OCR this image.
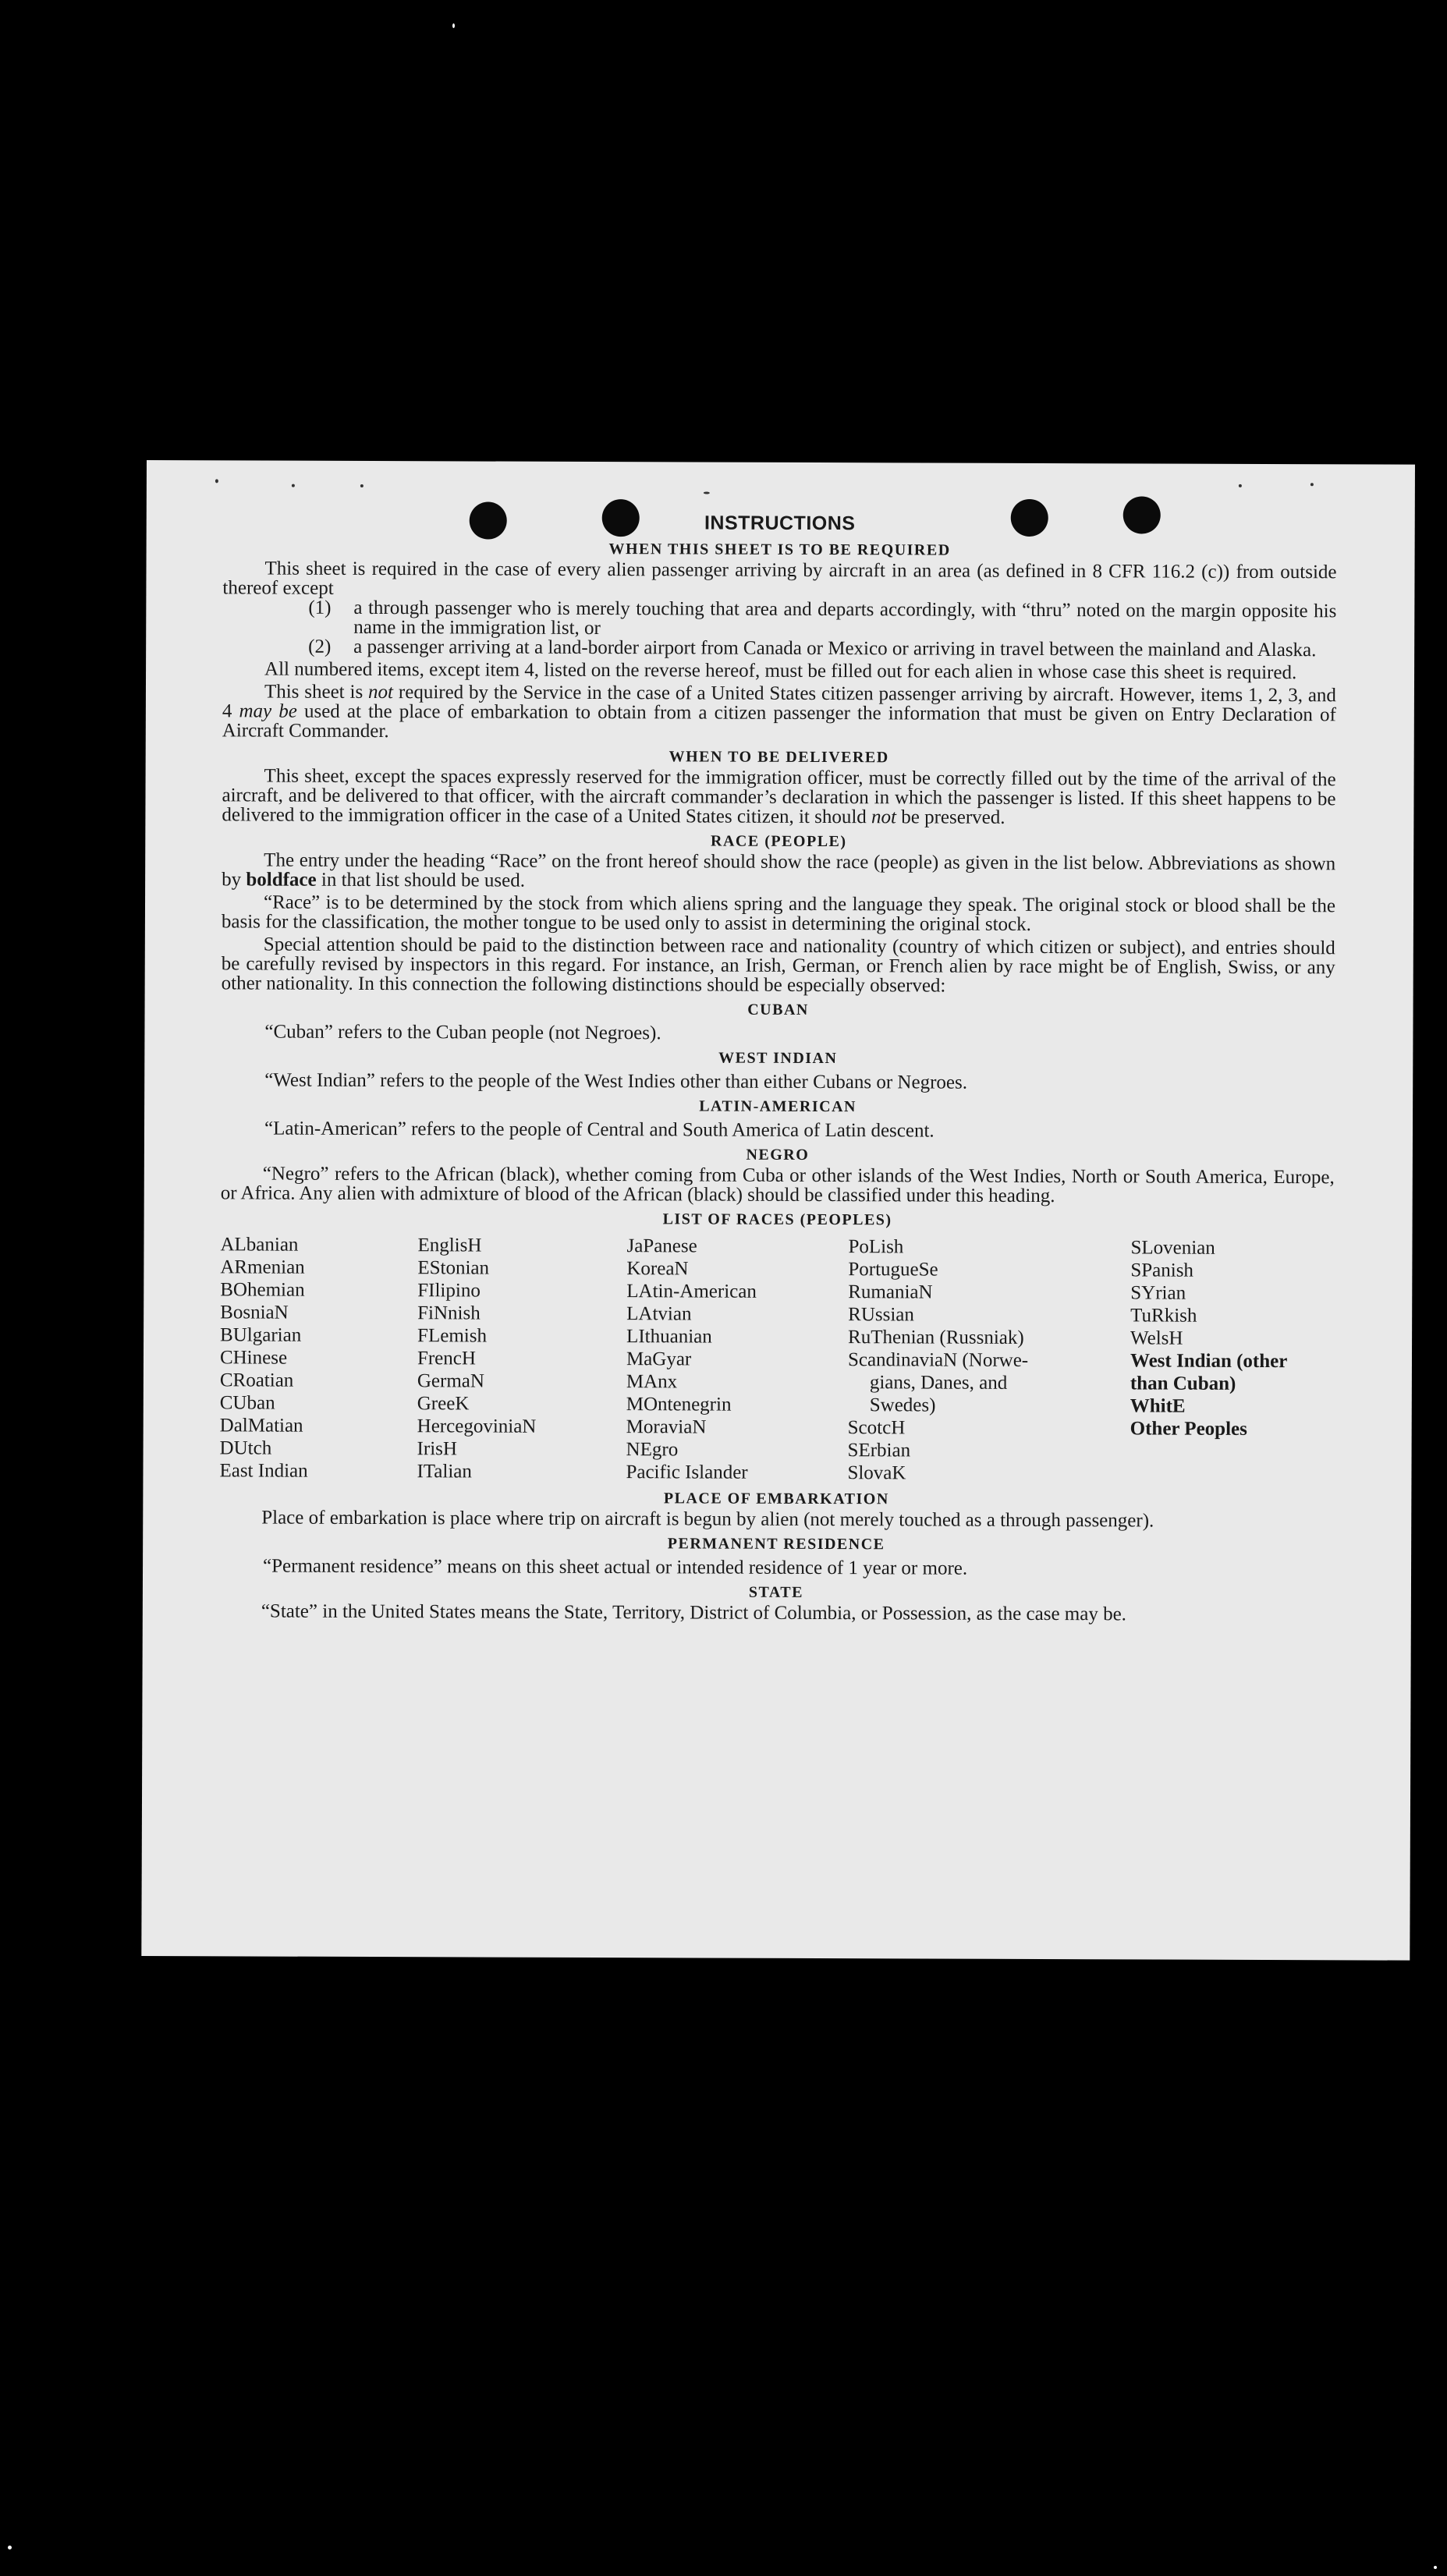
INSTRUCTIONS
WHEN THIS SHEET IS TO BE REQUIRED

This sheet is required in the case of every alien passenger arriving by aircraft in an area (as defined in 8 CFR 116.2 (c)) from outside thereof except

(1)	a through passenger who is merely touching that area and departs accordingly, with “thru” noted on the margin opposite his name in the immigration list, or
(2)	a passenger arriving at a land-border airport from Canada or Mexico or arriving in travel between the mainland and Alaska.

All numbered items, except item 4, listed on the reverse hereof, must be filled out for each alien in whose case this sheet is required.

This sheet is not required by the Service in the case of a United States citizen passenger arriving by aircraft. However, items 1, 2, 3, and 4 may be used at the place of embarkation to obtain from a citizen passenger the information that must be given on Entry Declaration of Aircraft Commander.

WHEN TO BE DELIVERED

This sheet, except the spaces expressly reserved for the immigration officer, must be correctly filled out by the time of the arrival of the aircraft, and be delivered to that officer, with the aircraft commander’s declaration in which the passenger is listed. If this sheet happens to be delivered to the immigration officer in the case of a United States citizen, it should not be preserved.

RACE (PEOPLE)

The entry under the heading “Race” on the front hereof should show the race (people) as given in the list below. Abbreviations as shown by boldface in that list should be used.

“Race” is to be determined by the stock from which aliens spring and the language they speak. The original stock or blood shall be the basis for the classification, the mother tongue to be used only to assist in determining the original stock.

Special attention should be paid to the distinction between race and nationality (country of which citizen or subject), and entries should be carefully revised by inspectors in this regard. For instance, an Irish, German, or French alien by race might be of English, Swiss, or any other nationality. In this connection the following distinctions should be especially observed:

CUBAN
“Cuban” refers to the Cuban people (not Negroes).
WEST INDIAN
“West Indian” refers to the people of the West Indies other than either Cubans or Negroes.
LATIN-AMERICAN
“Latin-American” refers to the people of Central and South America of Latin descent.
NEGRO

“Negro” refers to the African (black), whether coming from Cuba or other islands of the West Indies, North or South America, Europe, or Africa. Any alien with admixture of blood of the African (black) should be classified under this heading.

LIST OF RACES (PEOPLES)
ALbanian
ARmenian
BOhemian
BosniaN
BUlgarian
CHinese
CRoatian
CUban
DalMatian
DUtch
East Indian
EnglisH
EStonian
FIlipino
FiNnish
FLemish
FrencH
GermaN
GreeK
HercegoviniaN
IrisH
ITalian
JaPanese
KoreaN
LAtin-American
LAtvian
LIthuanian
MaGyar
MAnx
MOntenegrin
MoraviaN
NEgro
Pacific Islander
PoLish
PortugueSe
RumaniaN
RUssian
RuThenian (Russniak)
ScandinaviaN (Norwe-
gians, Danes, and
Swedes)
ScotcH
SErbian
SlovaK
SLovenian
SPanish
SYrian
TuRkish
WelsH
West Indian (other
than Cuban)
WhitE
Other Peoples
PLACE OF EMBARKATION

Place of embarkation is place where trip on aircraft is begun by alien (not merely touched as a through passenger).

PERMANENT RESIDENCE
“Permanent residence” means on this sheet actual or intended residence of 1 year or more.
STATE

“State” in the United States means the State, Territory, District of Columbia, or Possession, as the case may be.
